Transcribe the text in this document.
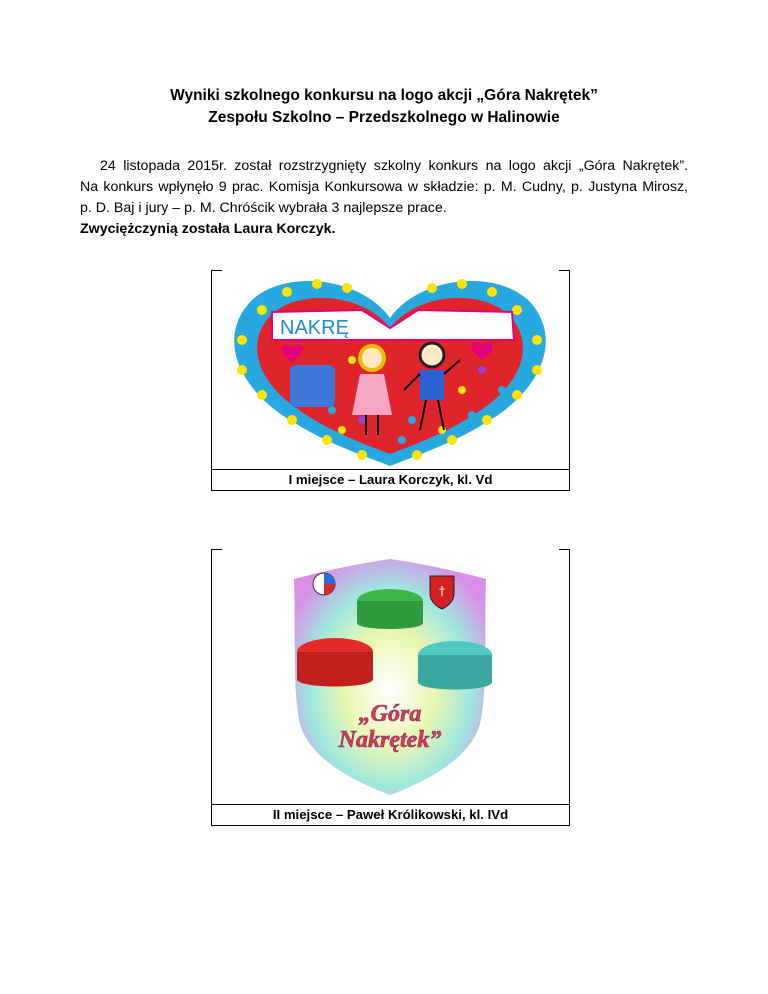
Wyniki szkolnego konkursu na logo akcji „Góra Nakrętek”
Zespołu Szkolno – Przedszkolnego w Halinowie
24 listopada 2015r. został rozstrzygnięty szkolny konkurs na logo akcji „Góra Nakrętek”.
Na konkurs wpłynęło 9 prac. Komisja Konkursowa w składzie: p. M. Cudny, p. Justyna Mirosz,
p. D. Baj i jury – p. M. Chróścik wybrała 3 najlepsze prace.
Zwyciężczynią została Laura Korczyk.
NAKRĘ
I miejsce – Laura Korczyk, kl. Vd
†
„Góra
Nakrętek”
II miejsce – Paweł Królikowski, kl. IVd
